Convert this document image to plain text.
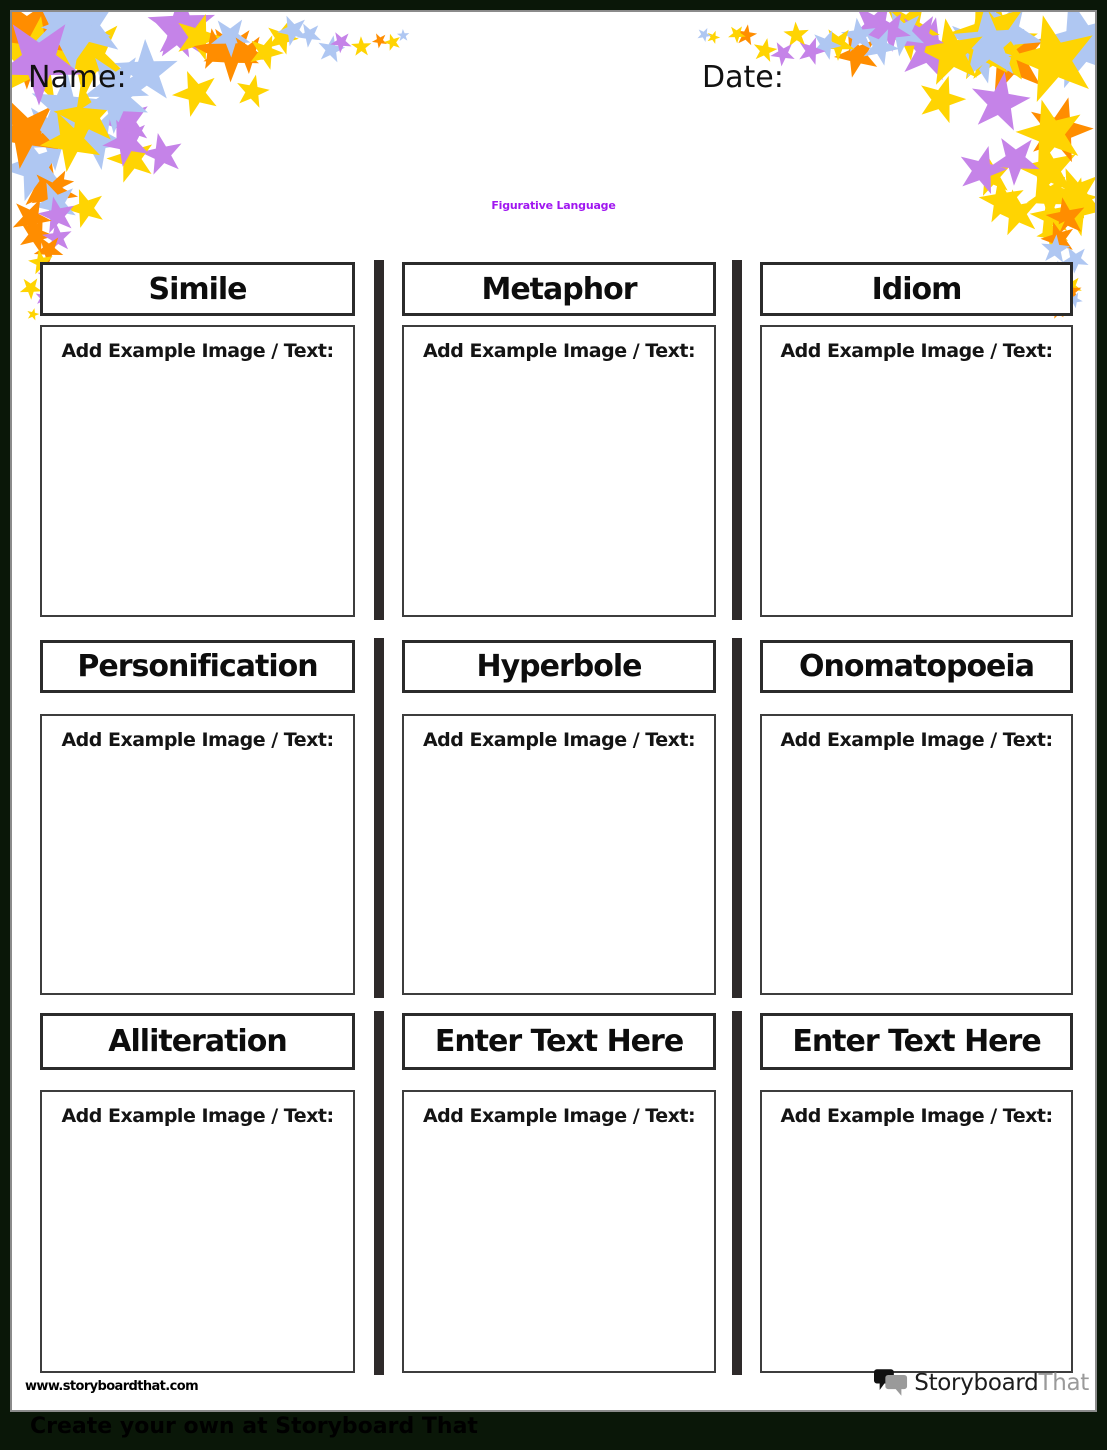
Name:	Date:
Figurative Language
Simile	Metaphor	Idiom
Add Example Image / Text:	Add Example Image / Text:	Add Example Image / Text:
Personification	Hyperbole	Onomatopoeia
Add Example Image / Text:	Add Example Image / Text:	Add Example Image / Text:
Alliteration	Enter Text Here	Enter Text Here
Add Example Image / Text:	Add Example Image / Text:	Add Example Image / Text:
www.storyboardthat.com	StoryboardThat
Create your own at Storyboard That
